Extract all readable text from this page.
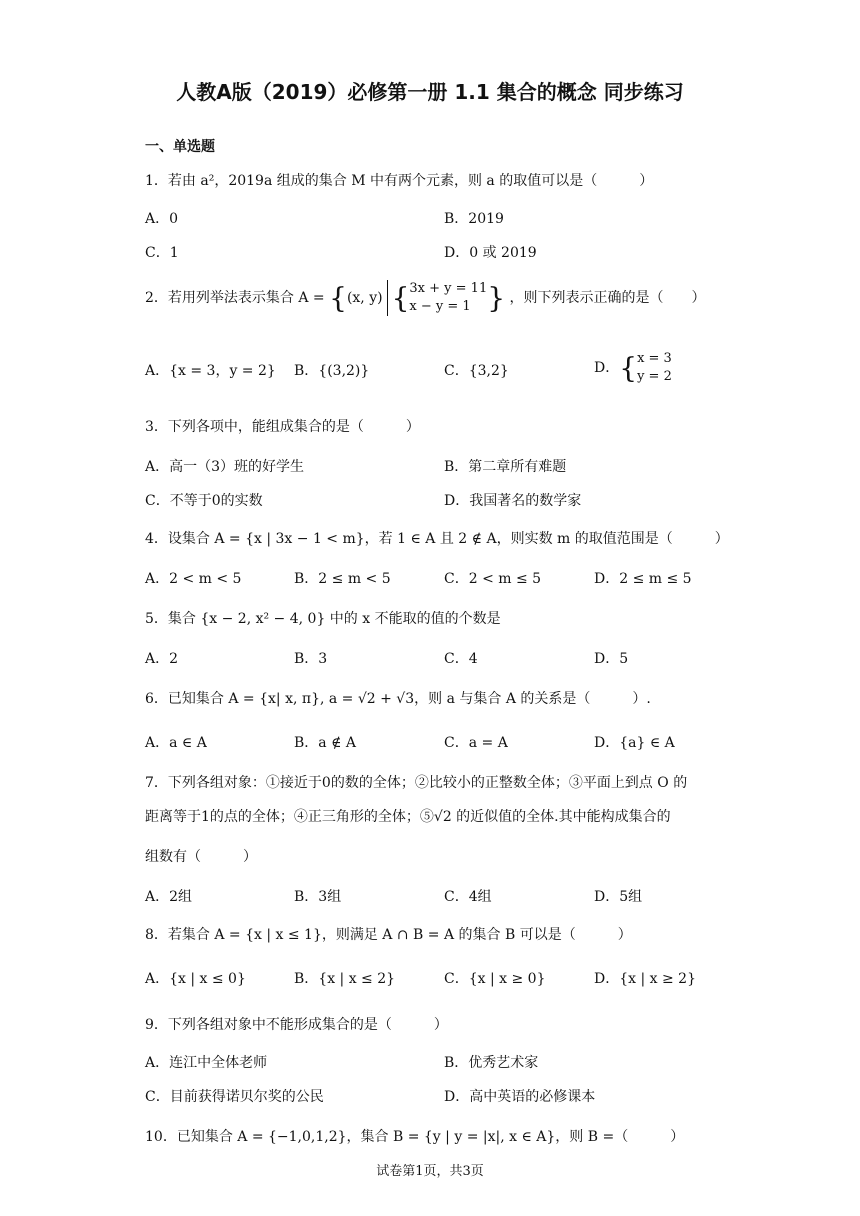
人教A版（2019）必修第一册 1.1 集合的概念 同步练习
一、单选题
1．若由 a²，2019a 组成的集合 M 中有两个元素，则 a 的取值可以是（　　　）
A．0	B．2019
C．1	D．0 或 2019
2．若用列举法表示集合 A = {(x, y) {3x + y = 11
x − y = 1 } ，则下列表示正确的是（　　）
A．{x = 3，y = 2} B．{(3,2)}	C．{3,2}	D．{x = 3
y = 2
3．下列各项中，能组成集合的是（　　　）
A．高一（3）班的好学生	B．第二章所有难题
C．不等于0的实数	D．我国著名的数学家
4．设集合 A = {x | 3x − 1 < m}，若 1 ∈ A 且 2 ∉ A，则实数 m 的取值范围是（　　　）
A．2 < m < 5	B．2 ≤ m < 5	C．2 < m ≤ 5	D．2 ≤ m ≤ 5
5．集合 {x − 2, x² − 4, 0} 中的 x 不能取的值的个数是
A．2	B．3	C．4	D．5
6．已知集合 A = {x| x, π}, a = √2 + √3，则 a 与集合 A 的关系是（　　　）.
A．a ∈ A	B．a ∉ A	C．a = A	D．{a} ∈ A
7．下列各组对象：①接近于0的数的全体；②比较小的正整数全体；③平面上到点 O 的
距离等于1的点的全体；④正三角形的全体；⑤√2 的近似值的全体.其中能构成集合的
组数有（　　　）
A．2组	B．3组	C．4组	D．5组
8．若集合 A = {x | x ≤ 1}，则满足 A ∩ B = A 的集合 B 可以是（　　　）
A．{x | x ≤ 0}	B．{x | x ≤ 2}	C．{x | x ≥ 0}	D．{x | x ≥ 2}
9．下列各组对象中不能形成集合的是（　　　）
A．连江中全体老师	B．优秀艺术家
C．目前获得诺贝尔奖的公民	D．高中英语的必修课本
10．已知集合 A = {−1,0,1,2}，集合 B = {y | y = |x|, x ∈ A}，则 B =（　　　）
试卷第1页，共3页
